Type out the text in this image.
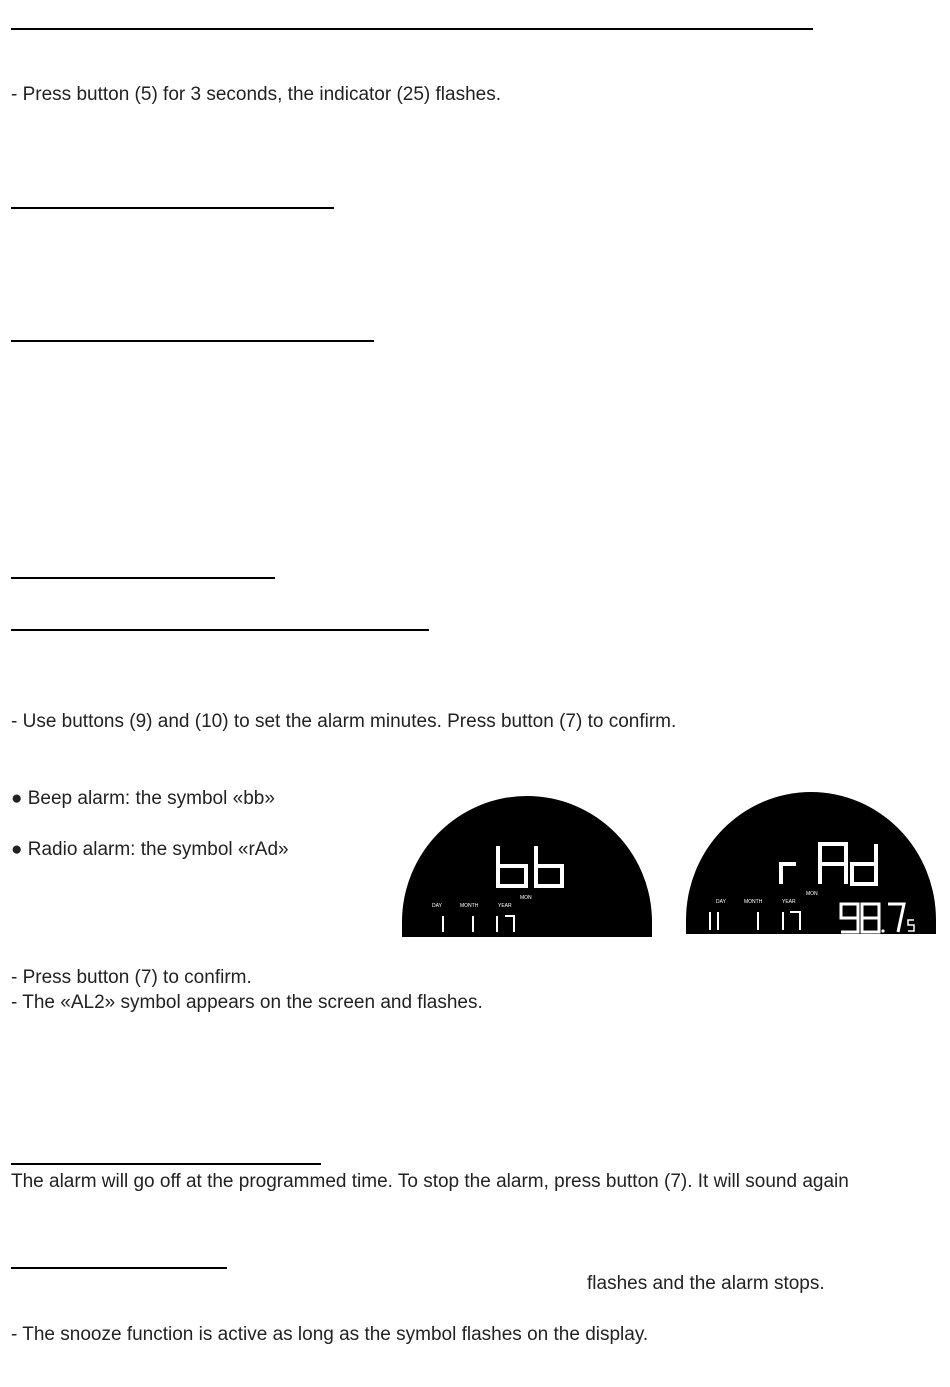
- Press button (5) for 3 seconds, the indicator (25) flashes.
- Use buttons (9) and (10) to set the alarm minutes. Press button (7) to confirm.
● Beep alarm: the symbol «bb»
● Radio alarm: the symbol «rAd»
MON
DAY	MONTH	YEAR
MON
DAY	MONTH	YEAR
- Press button (7) to confirm.
- The «AL2» symbol appears on the screen and flashes.
The alarm will go off at the programmed time. To stop the alarm, press button (7). It will sound again
flashes and the alarm stops.
- The snooze function is active as long as the symbol flashes on the display.
